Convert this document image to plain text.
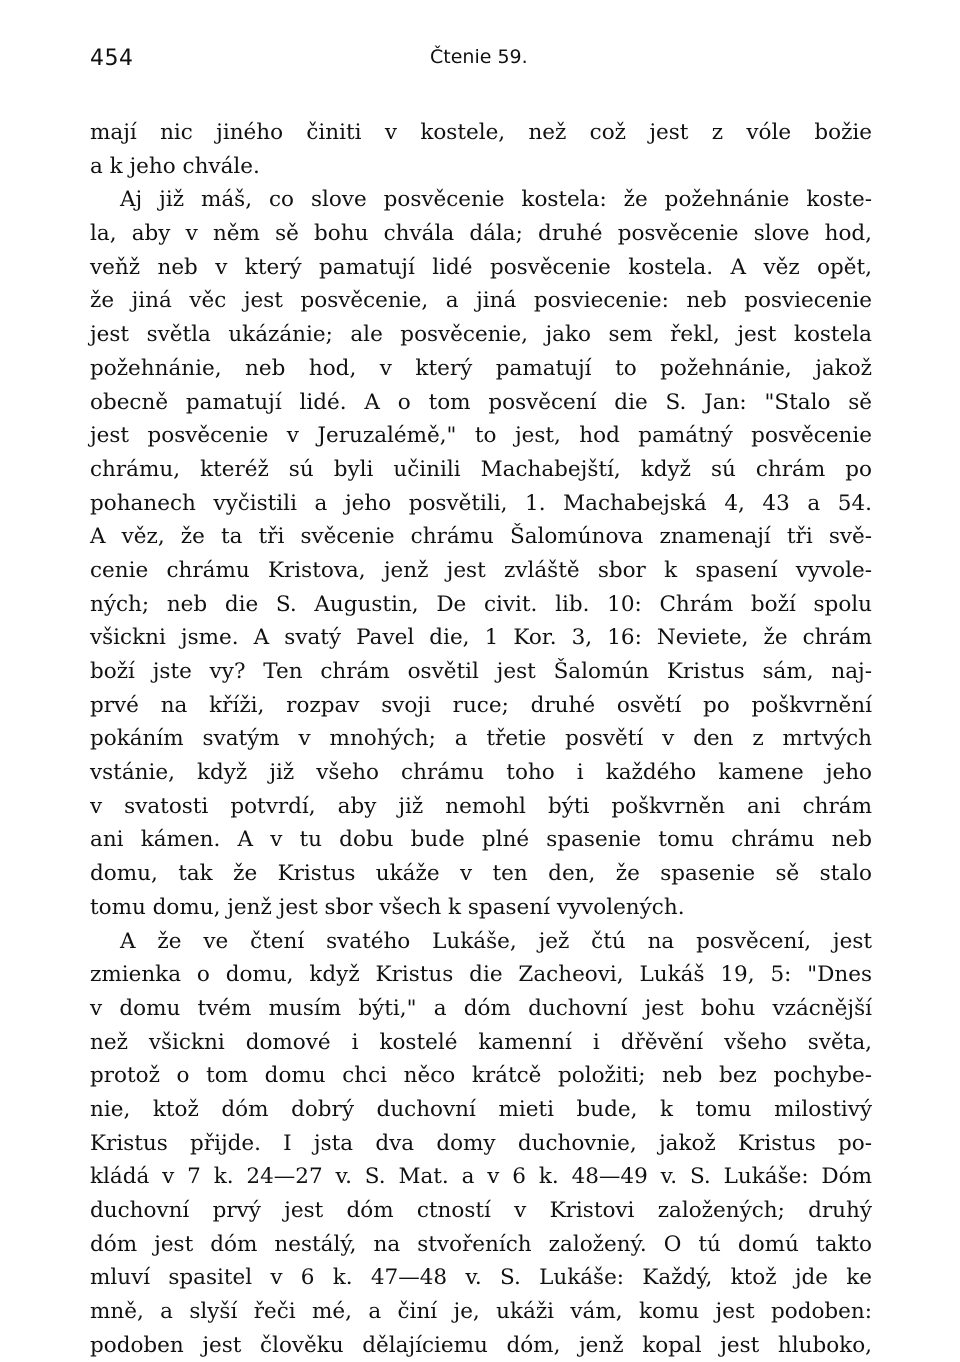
454	Čtenie 59.
mají nic jiného činiti v kostele, než což jest z vóle božie
a k jeho chvále.
Aj již máš, co slove posvěcenie kostela: že požehnánie koste-
la, aby v něm sě bohu chvála dála; druhé posvěcenie slove hod,
veňž neb v který pamatují lidé posvěcenie kostela. A věz opět,
že jiná věc jest posvěcenie, a jiná posviecenie: neb posviecenie
jest světla ukázánie; ale posvěcenie, jako sem řekl, jest kostela
požehnánie, neb hod, v který pamatují to požehnánie, jakož
obecně pamatují lidé. A o tom posvěcení die S. Jan: "Stalo sě
jest posvěcenie v Jeruzalémě," to jest, hod památný posvěcenie
chrámu, kteréž sú byli učinili Machabejští, když sú chrám po
pohanech vyčistili a jeho posvětili, 1. Machabejská 4, 43 a 54.
A věz, že ta tři svěcenie chrámu Šalomúnova znamenají tři svě-
cenie chrámu Kristova, jenž jest zvláště sbor k spasení vyvole-
ných; neb die S. Augustin, De civit. lib. 10: Chrám boží spolu
všickni jsme. A svatý Pavel die, 1 Kor. 3, 16: Neviete, že chrám
boží jste vy? Ten chrám osvětil jest Šalomún Kristus sám, naj-
prvé na kříži, rozpav svoji ruce; druhé osvětí po poškvrnění
pokáním svatým v mnohých; a třetie posvětí v den z mrtvých
vstánie, když již všeho chrámu toho i každého kamene jeho
v svatosti potvrdí, aby již nemohl býti poškvrněn ani chrám
ani kámen. A v tu dobu bude plné spasenie tomu chrámu neb
domu, tak že Kristus ukáže v ten den, že spasenie sě stalo
tomu domu, jenž jest sbor všech k spasení vyvolených.
A že ve čtení svatého Lukáše, jež čtú na posvěcení, jest
zmienka o domu, když Kristus die Zacheovi, Lukáš 19, 5: "Dnes
v domu tvém musím býti," a dóm duchovní jest bohu vzácnější
než všickni domové i kostelé kamenní i dřěvění všeho světa,
protož o tom domu chci něco krátcě položiti; neb bez pochybe-
nie, ktož dóm dobrý duchovní mieti bude, k tomu milostivý
Kristus přijde. I jsta dva domy duchovnie, jakož Kristus po-
kládá v 7 k. 24—27 v. S. Mat. a v 6 k. 48—49 v. S. Lukáše: Dóm
duchovní prvý jest dóm ctností v Kristovi založených; druhý
dóm jest dóm nestálý, na stvořeních založený. O tú domú takto
mluví spasitel v 6 k. 47—48 v. S. Lukáše: Každý, ktož jde ke
mně, a slyší řeči mé, a činí je, ukáži vám, komu jest podoben:
podoben jest člověku dělajíciemu dóm, jenž kopal jest hluboko,
